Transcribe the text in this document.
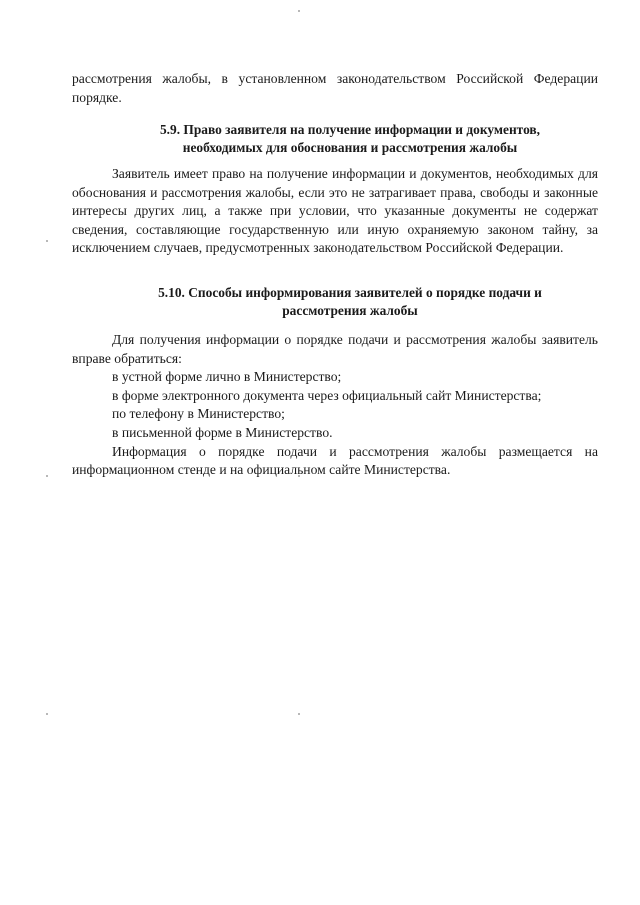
рассмотрения жалобы, в установленном законодательством Российской Федерации порядке.

5.9. Право заявителя на получение информации и документов,
необходимых для обоснования и рассмотрения жалобы

Заявитель имеет право на получение информации и документов, необходимых для обоснования и рассмотрения жалобы, если это не затрагивает права, свободы и законные интересы других лиц, а также при условии, что указанные документы не содержат сведения, составляющие государственную или иную охраняемую законом тайну, за исключением случаев, предусмотренных законодательством Российской Федерации.

5.10. Способы информирования заявителей о порядке подачи и
рассмотрения жалобы
Для получения информации о порядке подачи и рассмотрения жалобы заявитель вправе обратиться:
в устной форме лично в Министерство;
в форме электронного документа через официальный сайт Министерства;
по телефону в Министерство;
в письменной форме в Министерство.
Информация о порядке подачи и рассмотрения жалобы размещается на информационном стенде и на официальном сайте Министерства.
